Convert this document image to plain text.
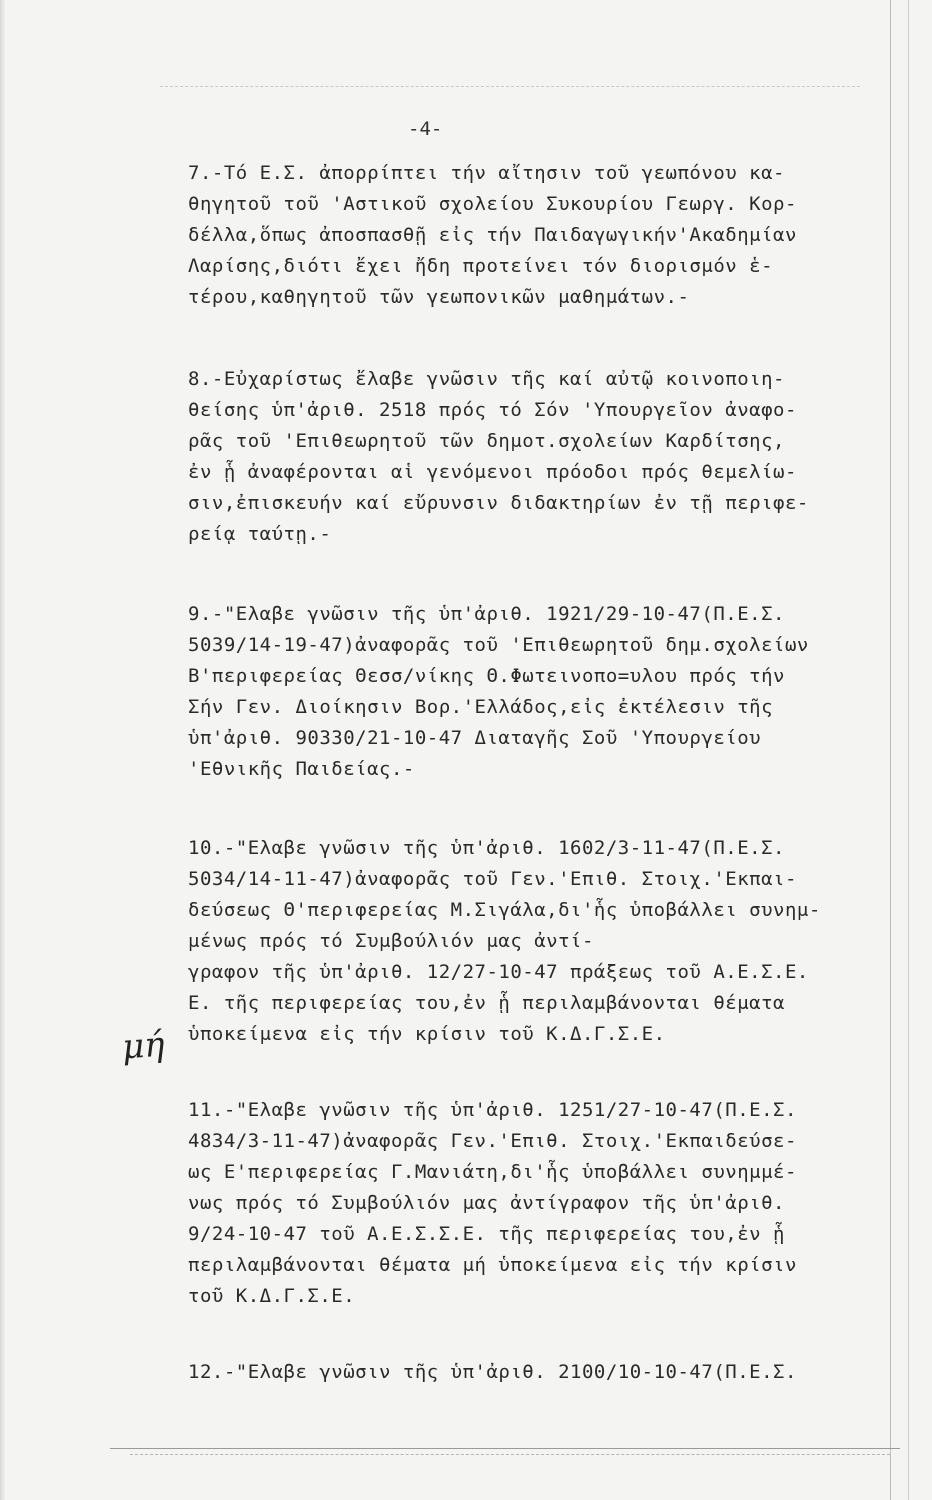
-4-
7.-Τό Ε.Σ. ἀπορρίπτει τήν αἴτησιν τοῦ γεωπόνου κα-
θηγητοῦ τοῦ 'Αστικοῦ σχολείου Συκουρίου Γεωργ. Κορ-
δέλλα,ὅπως ἀποσπασθῇ εἰς τήν Παιδαγωγικήν'Ακαδημίαν
Λαρίσης,διότι ἔχει ἤδη προτείνει τόν διορισμόν ἑ-
τέρου,καθηγητοῦ τῶν γεωπονικῶν μαθημάτων.-
8.-Εὐχαρίστως ἔλαβε γνῶσιν τῆς καί αὐτῷ κοινοποιη-
θείσης ὑπ'ἀριθ. 2518 πρός τό Σόν 'Υπουργεῖον ἀναφο-
ρᾶς τοῦ 'Επιθεωρητοῦ τῶν δημοτ.σχολείων Καρδίτσης,
ἐν ᾗ ἀναφέρονται αἱ γενόμενοι πρόοδοι πρός θεμελίω-
σιν,ἐπισκευήν καί εὔρυνσιν διδακτηρίων ἐν τῇ περιφε-
ρείᾳ ταύτῃ.-
9.-"Ελαβε γνῶσιν τῆς ὑπ'ἀριθ. 1921/29-10-47(Π.Ε.Σ.
5039/14-19-47)ἀναφορᾶς τοῦ 'Επιθεωρητοῦ δημ.σχολείων
Β'περιφερείας Θεσσ/νίκης Θ.Φωτεινοπο=υλου πρός τήν
Σήν Γεν. Διοίκησιν Βορ.'Ελλάδος,εἰς ἐκτέλεσιν τῆς
ὑπ'ἀριθ. 90330/21-10-47 Διαταγῆς Σοῦ 'Υπουργείου
'Εθνικῆς Παιδείας.-
10.-"Ελαβε γνῶσιν τῆς ὑπ'ἀριθ. 1602/3-11-47(Π.Ε.Σ.
5034/14-11-47)ἀναφορᾶς τοῦ Γεν.'Επιθ. Στοιχ.'Εκπαι-
δεύσεως Θ'περιφερείας Μ.Σιγάλα,δι'ἧς ὑποβάλλει συνημ-
μένως πρός τό Συμβούλιόν μας ἀντί-
γραφον τῆς ὑπ'ἀριθ. 12/27-10-47 πράξεως τοῦ Α.Ε.Σ.Ε.
Ε. τῆς περιφερείας του,ἐν ᾗ περιλαμβάνονται θέματα
ὑποκείμενα εἰς τήν κρίσιν τοῦ Κ.Δ.Γ.Σ.Ε.
μή
11.-"Ελαβε γνῶσιν τῆς ὑπ'ἀριθ. 1251/27-10-47(Π.Ε.Σ.
4834/3-11-47)ἀναφορᾶς Γεν.'Επιθ. Στοιχ.'Εκπαιδεύσε-
ως Ε'περιφερείας Γ.Μανιάτη,δι'ἧς ὑποβάλλει συνημμέ-
νως πρός τό Συμβούλιόν μας ἀντίγραφον τῆς ὑπ'ἀριθ.
9/24-10-47 τοῦ Α.Ε.Σ.Σ.Ε. τῆς περιφερείας του,ἐν ᾗ
περιλαμβάνονται θέματα μή ὑποκείμενα εἰς τήν κρίσιν
τοῦ Κ.Δ.Γ.Σ.Ε.
12.-"Ελαβε γνῶσιν τῆς ὑπ'ἀριθ. 2100/10-10-47(Π.Ε.Σ.
